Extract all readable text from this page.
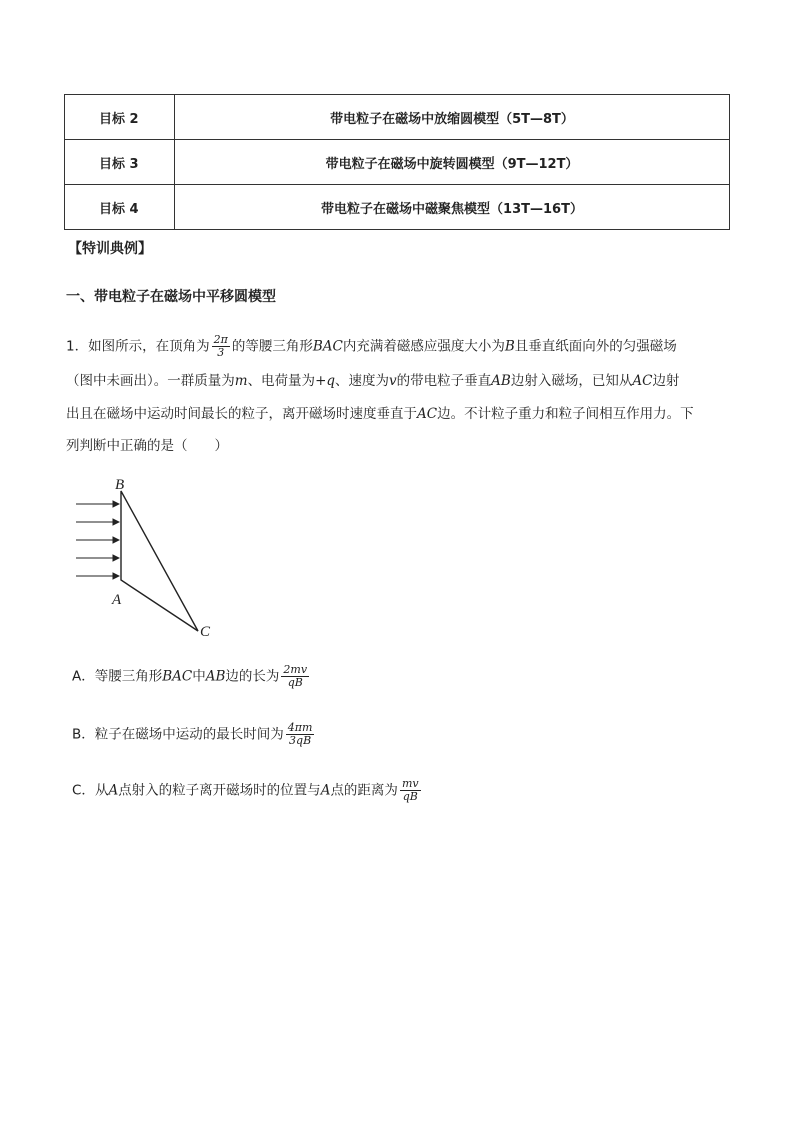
目标 2	带电粒子在磁场中放缩圆模型（5T—8T）
目标 3	带电粒子在磁场中旋转圆模型（9T—12T）
目标 4	带电粒子在磁场中磁聚焦模型（13T—16T）
【特训典例】
一、带电粒子在磁场中平移圆模型
1．如图所示，在顶角为 $\frac{2\pi}{3}$ 的等腰三角形BAC内充满着磁感应强度大小为B且垂直纸面向外的匀强磁场
（图中未画出）。一群质量为m、电荷量为+q、速度为v的带电粒子垂直AB边射入磁场，已知从AC边射
出且在磁场中运动时间最长的粒子，离开磁场时速度垂直于AC边。不计粒子重力和粒子间相互作用力。下
列判断中正确的是（　　）
B
A
C
A．等腰三角形BAC中AB边的长为 $\frac{2mv}{qB}$
B．粒子在磁场中运动的最长时间为 $\frac{4\pi m}{3qB}$
C．从A点射入的粒子离开磁场时的位置与A点的距离为 $\frac{mv}{qB}$
